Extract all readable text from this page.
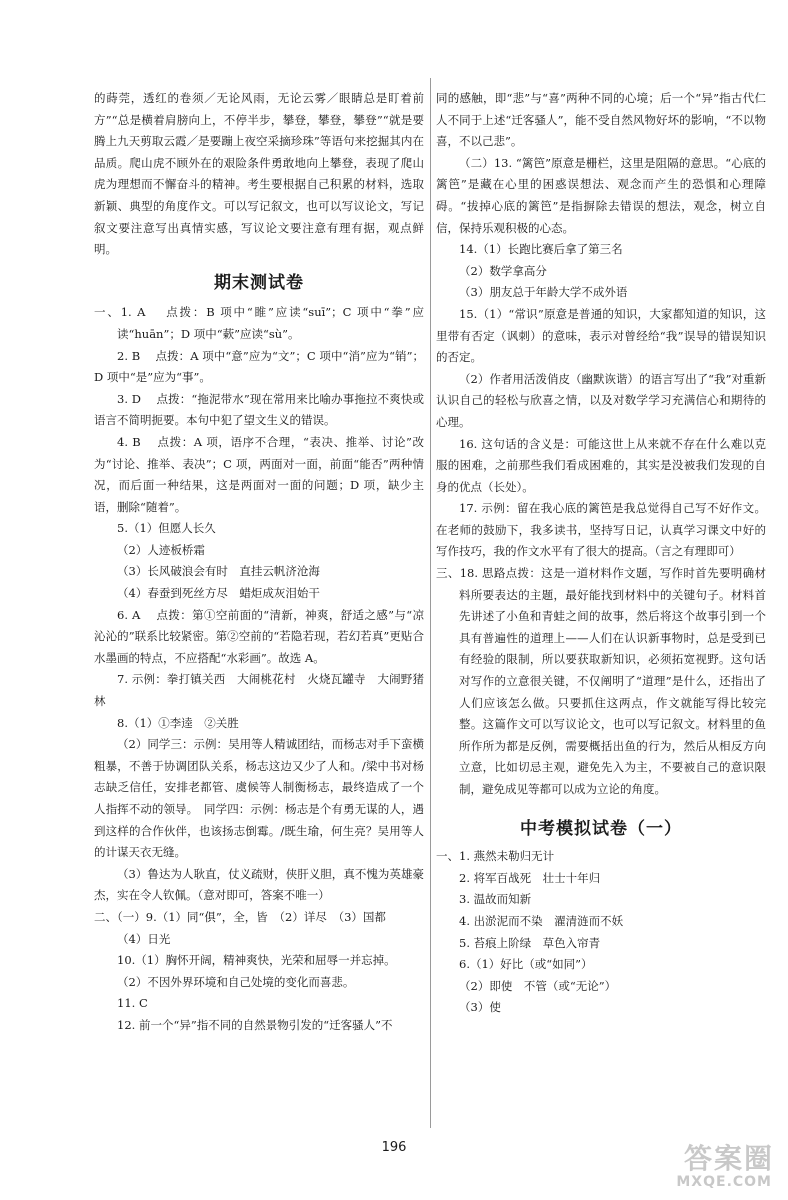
的蒔莞，透红的卷须／无论风雨，无论云雾／眼睛总是盯着前方”“总是横着肩膀向上，不停半步，攀登，攀登，攀登”“就是要腾上九天剪取云霞／是要蹦上夜空采摘珍珠”等语句来挖掘其内在品质。爬山虎不顾外在的艰险条件勇敢地向上攀登，表现了爬山虎为理想而不懈奋斗的精神。考生要根据自己积累的材料，选取新颖、典型的角度作文。可以写记叙文，也可以写议论文，写记叙文要注意写出真情实感，写议论文要注意有理有据，观点鲜明。

期末测试卷

一、1. A　 点拨：B 项中“睢”应读“suī”；C 项中“拳”应读“huān”；D 项中“蔌”应读“sù”。

2. B　 点拨：A 项中“意”应为“文”；C 项中“消”应为“销”；D 项中“是”应为“事”。

3. D　 点拨：“拖泥带水”现在常用来比喻办事拖拉不爽快或语言不简明扼要。本句中犯了望文生义的错误。

4. B　 点拨：A 项，语序不合理，“表决、推举、讨论”改为“讨论、推举、表决”；C 项，两面对一面，前面“能否”两种情况，而后面一种结果，这是两面对一面的问题；D 项，缺少主语，删除“随着”。

5.（1）但愿人长久

（2）人迹板桥霜

（3）长风破浪会有时　直挂云帆济沧海

（4）春蚕到死丝方尽　蜡炬成灰泪始干

6. A　 点拨：第①空前面的“清新，神爽，舒适之感”与“凉沁沁的”联系比较紧密。第②空前的“若隐若现，若幻若真”更贴合水墨画的特点，不应搭配“水彩画”。故选 A。

7. 示例：拳打镇关西　大闹桃花村　火烧瓦罐寺　大闹野猪林

8.（1）①李逵　②关胜

（2）同学三：示例：吴用等人精诚团结，而杨志对手下蛮横粗暴，不善于协调团队关系，杨志这边又少了人和。/梁中书对杨志缺乏信任，安排老都管、虞候等人制衡杨志，最终造成了一个人指挥不动的领导。　同学四：示例：杨志是个有勇无谋的人，遇到这样的合作伙伴，也该扬志倒霉。/既生瑜，何生亮？吴用等人的计谋天衣无缝。

（3）鲁达为人耿直，仗义疏财，侠肝义胆，真不愧为英雄豪杰，实在令人钦佩。（意对即可，答案不唯一）

二、（一）9.（1）同“俱”，全，皆　（2）详尽　（3）国都

（4）日光

10.（1）胸怀开阔，精神爽快，光荣和屈辱一并忘掉。

（2）不因外界环境和自己处境的变化而喜悲。

11. C

12. 前一个“异”指不同的自然景物引发的“迁客骚人”不

同的感触，即“悲”与“喜”两种不同的心境；后一个“异”指古代仁人不同于上述“迁客骚人”，能不受自然风物好坏的影响，“不以物喜，不以己悲”。

（二）13. “篱笆”原意是栅栏，这里是阻隔的意思。“心底的篱笆”是藏在心里的困惑误想法、观念而产生的恐惧和心理障碍。“拔掉心底的篱笆”是指摒除去错误的想法，观念，树立自信，保持乐观积极的心态。

14.（1）长跑比赛后拿了第三名

（2）数学拿高分

（3）朋友总于年龄大学不成外语

15.（1）“常识”原意是普通的知识，大家都知道的知识，这里带有否定（讽刺）的意味，表示对曾经给“我”误导的错误知识的否定。

（2）作者用活泼俏皮（幽默诙谐）的语言写出了“我”对重新认识自己的轻松与欣喜之情，以及对数学学习充满信心和期待的心理。

16. 这句话的含义是：可能这世上从来就不存在什么难以克服的困难，之前那些我们看成困难的，其实是没被我们发现的自身的优点（长处）。

17. 示例：留在我心底的篱笆是我总觉得自己写不好作文。在老师的鼓励下，我多读书，坚持写日记，认真学习课文中好的写作技巧，我的作文水平有了很大的提高。（言之有理即可）

三、18. 思路点拨：这是一道材料作文题，写作时首先要明确材料所要表达的主题，最好能找到材料中的关键句子。材料首先讲述了小鱼和青蛙之间的故事，然后将这个故事引到一个具有普遍性的道理上——人们在认识新事物时，总是受到已有经验的限制，所以要获取新知识，必须拓宽视野。这句话对写作的立意很关键，不仅阐明了“道理”是什么，还指出了人们应该怎么做。只要抓住这两点，作文就能写得比较完整。这篇作文可以写议论文，也可以写记叙文。材料里的鱼所作所为都是反例，需要概括出鱼的行为，然后从相反方向立意，比如切忌主观，避免先入为主，不要被自己的意识限制，避免成见等都可以成为立论的角度。

中考模拟试卷（一）

一、1. 燕然未勒归无计

2. 将军百战死　壮士十年归

3. 温故而知新

4. 出淤泥而不染　濯清涟而不妖

5. 苔痕上阶绿　草色入帘青

6.（1）好比（或“如同”）

（2）即使　不管（或“无论”）

（3）使

196	答案圈
MXQE.COM
